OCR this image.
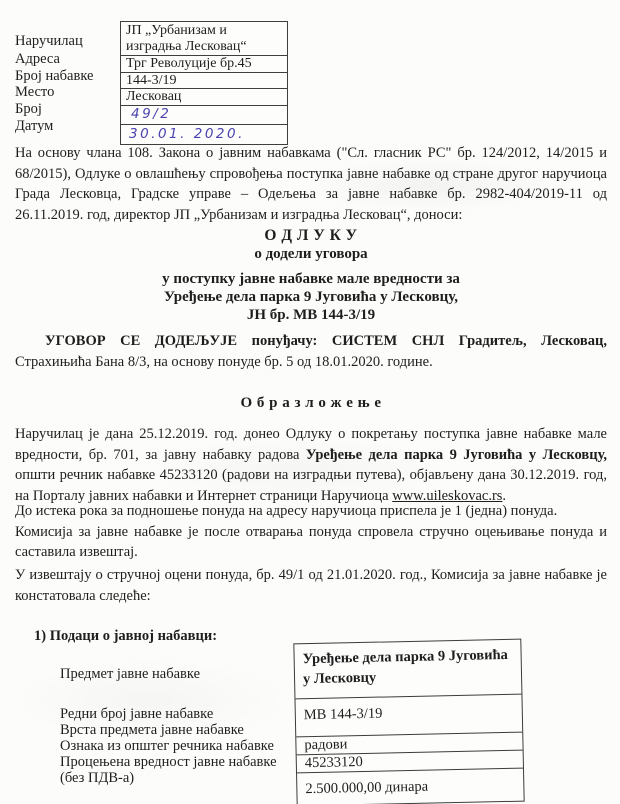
Наручилац
Адреса
Број набавке
Место
Број
Датум
ЈП „Урбанизам и изградња Лесковац“
Трг Револуције бр.45
144-3/19
Лесковац
49/2
30.01. 2020.
На основу члана 108. Закона о јавним набавкама ("Сл. гласник РС" бр. 124/2012, 14/2015 и 68/2015), Одлуке о овлашћењу спровођења поступка јавне набавке од стране другог наручиоца Града Лесковца, Градске управе – Одељења за јавне набавке бр. 2982-404/2019-11 од 26.11.2019. год, директор ЈП „Урбанизам и изградња Лесковац“, доноси:
О Д Л У К У
о додели уговора
у поступку јавне набавке мале вредности за
Уређење дела парка 9 Југовића у Лесковцу,
ЈН бр. МВ 144-3/19
УГОВОР СЕ ДОДЕЉУЈЕ понуђачу: СИСТЕМ СНЛ Градитељ, Лесковац, Страхињића Бана 8/3, на основу понуде бр. 5 од 18.01.2020. године.
О б р а з л о ж е њ е
Наручилац је дана 25.12.2019. год. донео Одлуку о покретању поступка јавне набавке мале вредности, бр. 701, за јавну набавку радова Уређење дела парка 9 Југовића у Лесковцу, општи речник набавке 45233120 (радови на изградњи путева), објављену дана 30.12.2019. год, на Порталу јавних набавки и Интернет страници Наручиоца www.uileskovac.rs.
До истека рока за подношење понуда на адресу наручиоца приспела је 1 (једна) понуда.
Комисија за јавне набавке је после отварања понуда спровела стручно оцењивање понуда и саставила извештај.
У извештају о стручној оцени понуда, бр. 49/1 од 21.01.2020. год., Комисија за јавне набавке је констатовала следеће:
1) Подаци о јавној набавци:
Предмет јавне набавке
Редни број јавне набавке
Врста предмета јавне набавке
Ознака из општег речника набавке
Процењена вредност јавне набавке (без ПДВ-а)
Уређење дела парка 9 Југовића у Лесковцу
МВ 144-3/19
радови
45233120
2.500.000,00 динара
